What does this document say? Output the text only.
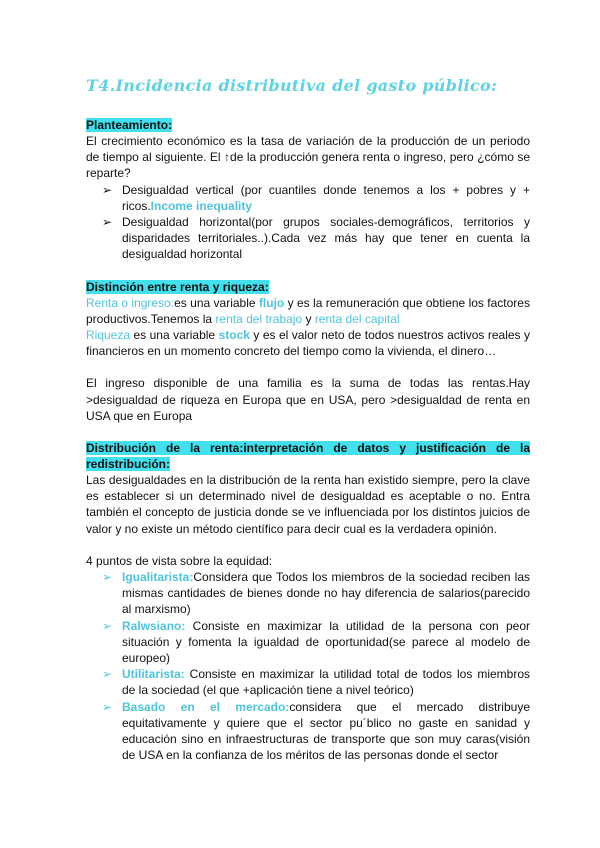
T4.Incidencia distributiva del gasto público:

Planteamiento:

El crecimiento económico es la tasa de variación de la producción de un periodo de tiempo al siguiente. El ↑de la producción genera renta o ingreso, pero ¿cómo se reparte?

➢ Desigualdad vertical (por cuantiles donde tenemos a los + pobres y + ricos.Income inequality
➢ Desigualdad horizontal(por grupos sociales-demográficos, territorios y disparidades territoriales..).Cada vez más hay que tener en cuenta la desigualdad horizontal

Distinción entre renta y riqueza:

Renta o ingreso:es una variable flujo y es la remuneración que obtiene los factores productivos.Tenemos la renta del trabajo y renta del capital

Riqueza es una variable stock y es el valor neto de todos nuestros activos reales y financieros en un momento concreto del tiempo como la vivienda, el dinero…

El ingreso disponible de una familia es la suma de todas las rentas.Hay >desigualdad de riqueza en Europa que en USA, pero >desigualdad de renta en USA que en Europa

Distribución de la renta:interpretación de datos y justificación de la redistribución:

Las desigualdades en la distribución de la renta han existido siempre, pero la clave es establecer si un determinado nivel de desigualdad es aceptable o no. Entra también el concepto de justicia donde se ve influenciada por los distintos juicios de valor y no existe un método científico para decir cual es la verdadera opinión.

4 puntos de vista sobre la equidad:

➢ Igualitarista:Considera que Todos los miembros de la sociedad reciben las mismas cantidades de bienes donde no hay diferencia de salarios(parecido al marxismo)
➢ Ralwsiano: Consiste en maximizar la utilidad de la persona con peor situación y fomenta la igualdad de oportunidad(se parece al modelo de europeo)
➢ Utilitarista: Consiste en maximizar la utilidad total de todos los miembros de la sociedad (el que +aplicación tiene a nivel teórico)
➢ Basado en el mercado:considera que el mercado distribuye equitativamente y quiere que el sector pu´blico no gaste en sanidad y educación sino en infraestructuras de transporte que son muy caras(visión de USA en la confianza de los méritos de las personas donde el sector
